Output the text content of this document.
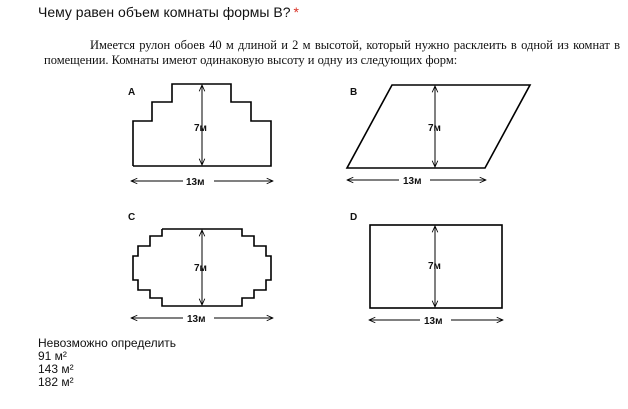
Чему равен объем комнаты формы В? *
Имеется рулон обоев 40 м длиной и 2 м высотой, который нужно расклеить в одной из комнат в помещении. Комнаты имеют одинаковую высоту и одну из следующих форм:
A
7м
13м
B
7м
13м
C
7м
13м
D
7м
13м
Невозможно определить
91 м²
143 м²
182 м²
